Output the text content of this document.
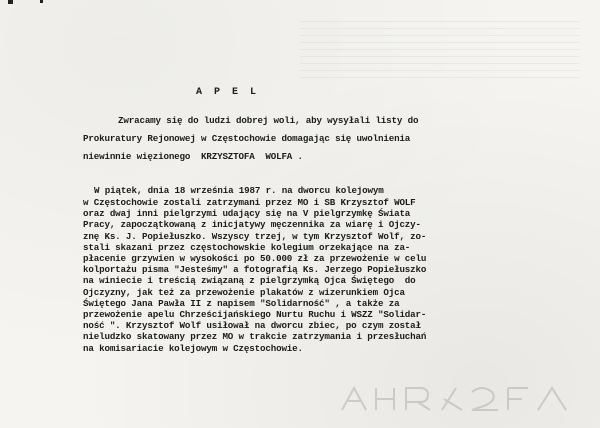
A P E L
Zwracamy się do ludzi dobrej woli, aby wysyłali listy do
Prokuratury Rejonowej w Częstochowie domagając się uwolnienia
niewinnie więzionego  KRZYSZTOFA  WOLFA .
W piątek, dnia 18 września 1987 r. na dworcu kolejowym
w Częstochowie zostali zatrzymani przez MO i SB Krzysztof WOLF
oraz dwaj inni pielgrzymi udający się na V pielgrzymkę Świata
Pracy, zapoczątkowaną z inicjatywy męczennika za wiarę i Ojczy-
znę Ks. J. Popiełuszko. Wszyscy trzej, w tym Krzysztof Wolf, zo-
stali skazani przez częstochowskie kolegium orzekające na za-
płacenie grzywien w wysokości po 50.000 zł za przewożenie w celu
kolportażu pisma "Jesteśmy" a fotografią Ks. Jerzego Popiełuszko
na winiecie i treścią związaną z pielgrzymką Ojca Świętego  do
Ojczyzny, jak też za przewożenie plakatów z wizerunkiem Ojca
Świętego Jana Pawła II z napisem "Solidarność" , a także za
przewożenie apelu Chrześcijańskiego Nurtu Ruchu i WSZZ "Solidar-
ność ". Krzysztof Wolf usiłował na dworcu zbiec, po czym został
nieludzko skatowany przez MO w trakcie zatrzymania i przesłuchań
na komisariacie kolejowym w Częstochowie.
